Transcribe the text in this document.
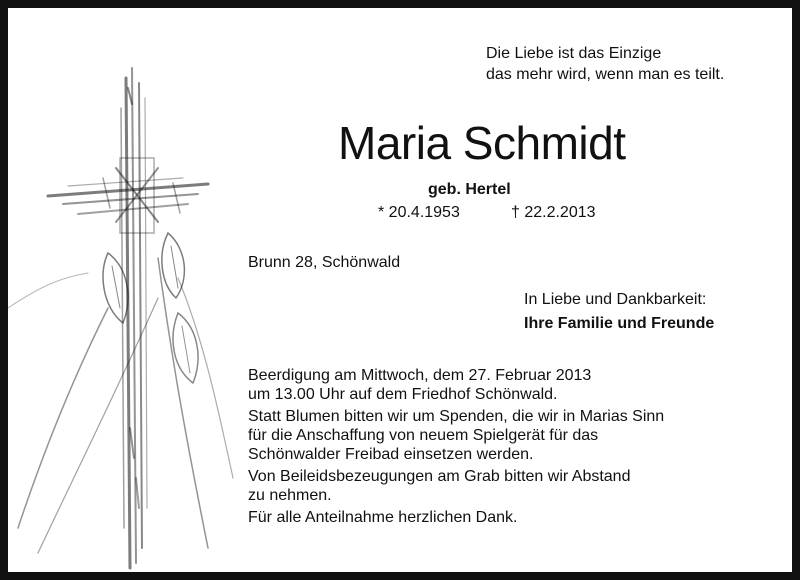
Die Liebe ist das Einzige
das mehr wird, wenn man es teilt.
Maria Schmidt
geb. Hertel
* 20.4.1953	† 22.2.2013
Brunn 28, Schönwald
In Liebe und Dankbarkeit:
Ihre Familie und Freunde

Beerdigung am Mittwoch, dem 27. Februar 2013
um 13.00 Uhr auf dem Friedhof Schönwald.

Statt Blumen bitten wir um Spenden, die wir in Marias Sinn
für die Anschaffung von neuem Spielgerät für das
Schönwalder Freibad einsetzen werden.

Von Beileidsbezeugungen am Grab bitten wir Abstand
zu nehmen.

Für alle Anteilnahme herzlichen Dank.
